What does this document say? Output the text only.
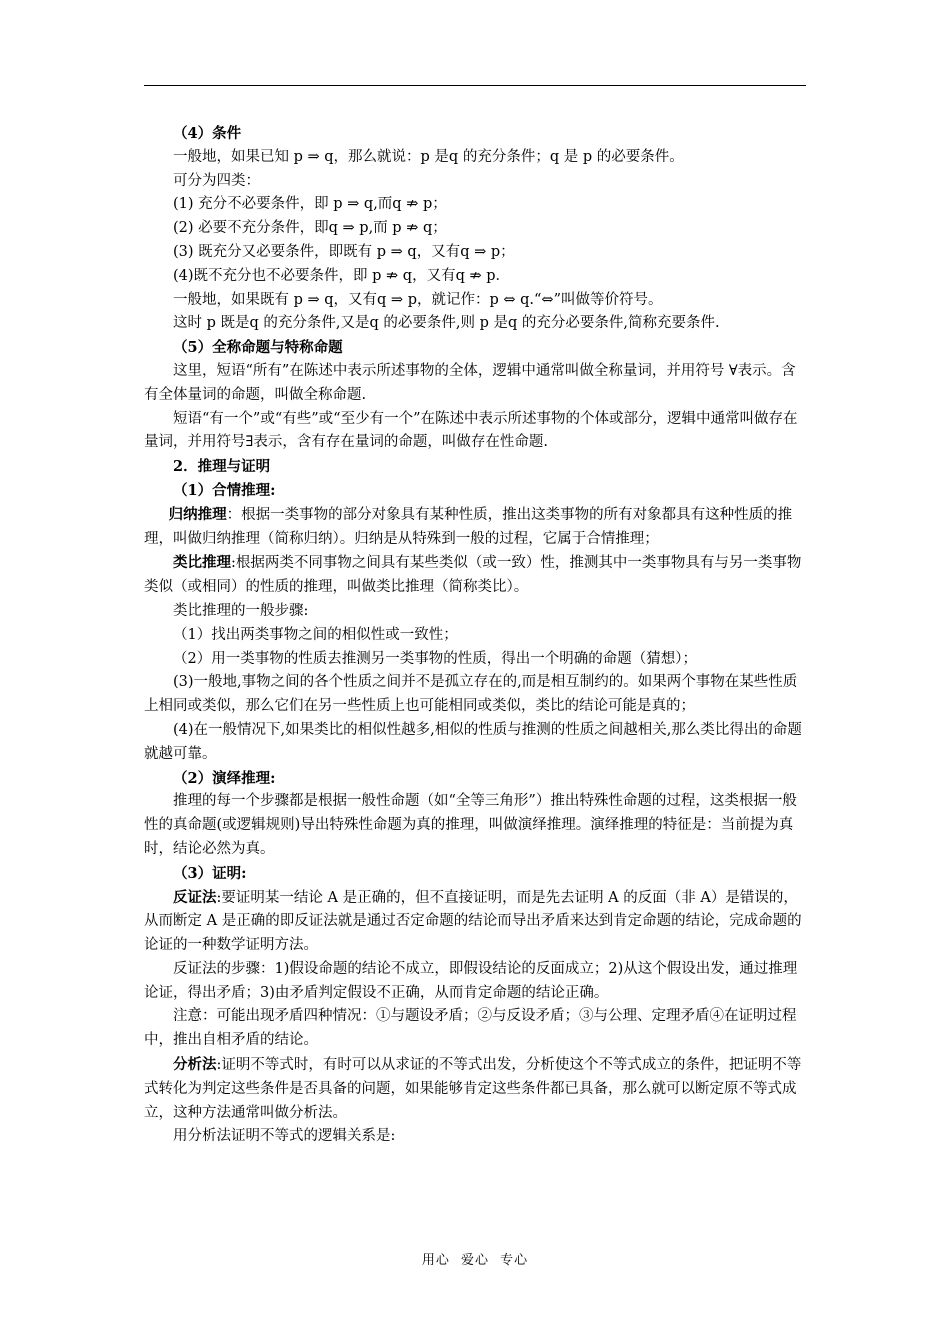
（4）条件

一般地，如果已知 p ⇒ q，那么就说：p 是q 的充分条件；q 是 p 的必要条件。

可分为四类：

(1) 充分不必要条件，即 p ⇒ q,而q ⇏ p；

(2) 必要不充分条件，即q ⇒ p,而 p ⇏ q；

(3) 既充分又必要条件，即既有 p ⇒ q，又有q ⇒ p；

(4)既不充分也不必要条件，即 p ⇏ q，又有q ⇏ p．

一般地，如果既有 p ⇒ q，又有q ⇒ p，就记作：p ⇔ q.“⇔”叫做等价符号。

这时 p 既是q 的充分条件,又是q 的必要条件,则 p 是q 的充分必要条件,简称充要条件.

（5）全称命题与特称命题

这里，短语“所有”在陈述中表示所述事物的全体，逻辑中通常叫做全称量词，并用符号 ∀表示。含有全体量词的命题，叫做全称命题.

短语“有一个”或“有些”或“至少有一个”在陈述中表示所述事物的个体或部分，逻辑中通常叫做存在量词，并用符号∃表示，含有存在量词的命题，叫做存在性命题.

2．推理与证明

（1）合情推理:

归纳推理：根据一类事物的部分对象具有某种性质，推出这类事物的所有对象都具有这种性质的推理，叫做归纳推理（简称归纳）。归纳是从特殊到一般的过程，它属于合情推理；

类比推理:根据两类不同事物之间具有某些类似（或一致）性，推测其中一类事物具有与另一类事物类似（或相同）的性质的推理，叫做类比推理（简称类比）。

类比推理的一般步骤:

（1）找出两类事物之间的相似性或一致性；

（2）用一类事物的性质去推测另一类事物的性质，得出一个明确的命题（猜想）；

(3)一般地,事物之间的各个性质之间并不是孤立存在的,而是相互制约的。如果两个事物在某些性质上相同或类似，那么它们在另一些性质上也可能相同或类似，类比的结论可能是真的；

(4)在一般情况下,如果类比的相似性越多,相似的性质与推测的性质之间越相关,那么类比得出的命题就越可靠。

（2）演绎推理:

推理的每一个步骤都是根据一般性命题（如“全等三角形”）推出特殊性命题的过程，这类根据一般性的真命题(或逻辑规则)导出特殊性命题为真的推理，叫做演绎推理。演绎推理的特征是：当前提为真时，结论必然为真。

（3）证明:

反证法:要证明某一结论 A 是正确的，但不直接证明，而是先去证明 A 的反面（非 A）是错误的，从而断定 A 是正确的即反证法就是通过否定命题的结论而导出矛盾来达到肯定命题的结论，完成命题的论证的一种数学证明方法。

反证法的步骤：1)假设命题的结论不成立，即假设结论的反面成立；2)从这个假设出发，通过推理论证，得出矛盾；3)由矛盾判定假设不正确，从而肯定命题的结论正确。

注意：可能出现矛盾四种情况：①与题设矛盾；②与反设矛盾；③与公理、定理矛盾④在证明过程中，推出自相矛盾的结论。

分析法:证明不等式时，有时可以从求证的不等式出发，分析使这个不等式成立的条件，把证明不等式转化为判定这些条件是否具备的问题，如果能够肯定这些条件都已具备，那么就可以断定原不等式成立，这种方法通常叫做分析法。

用分析法证明不等式的逻辑关系是:

用心 爱心 专心
